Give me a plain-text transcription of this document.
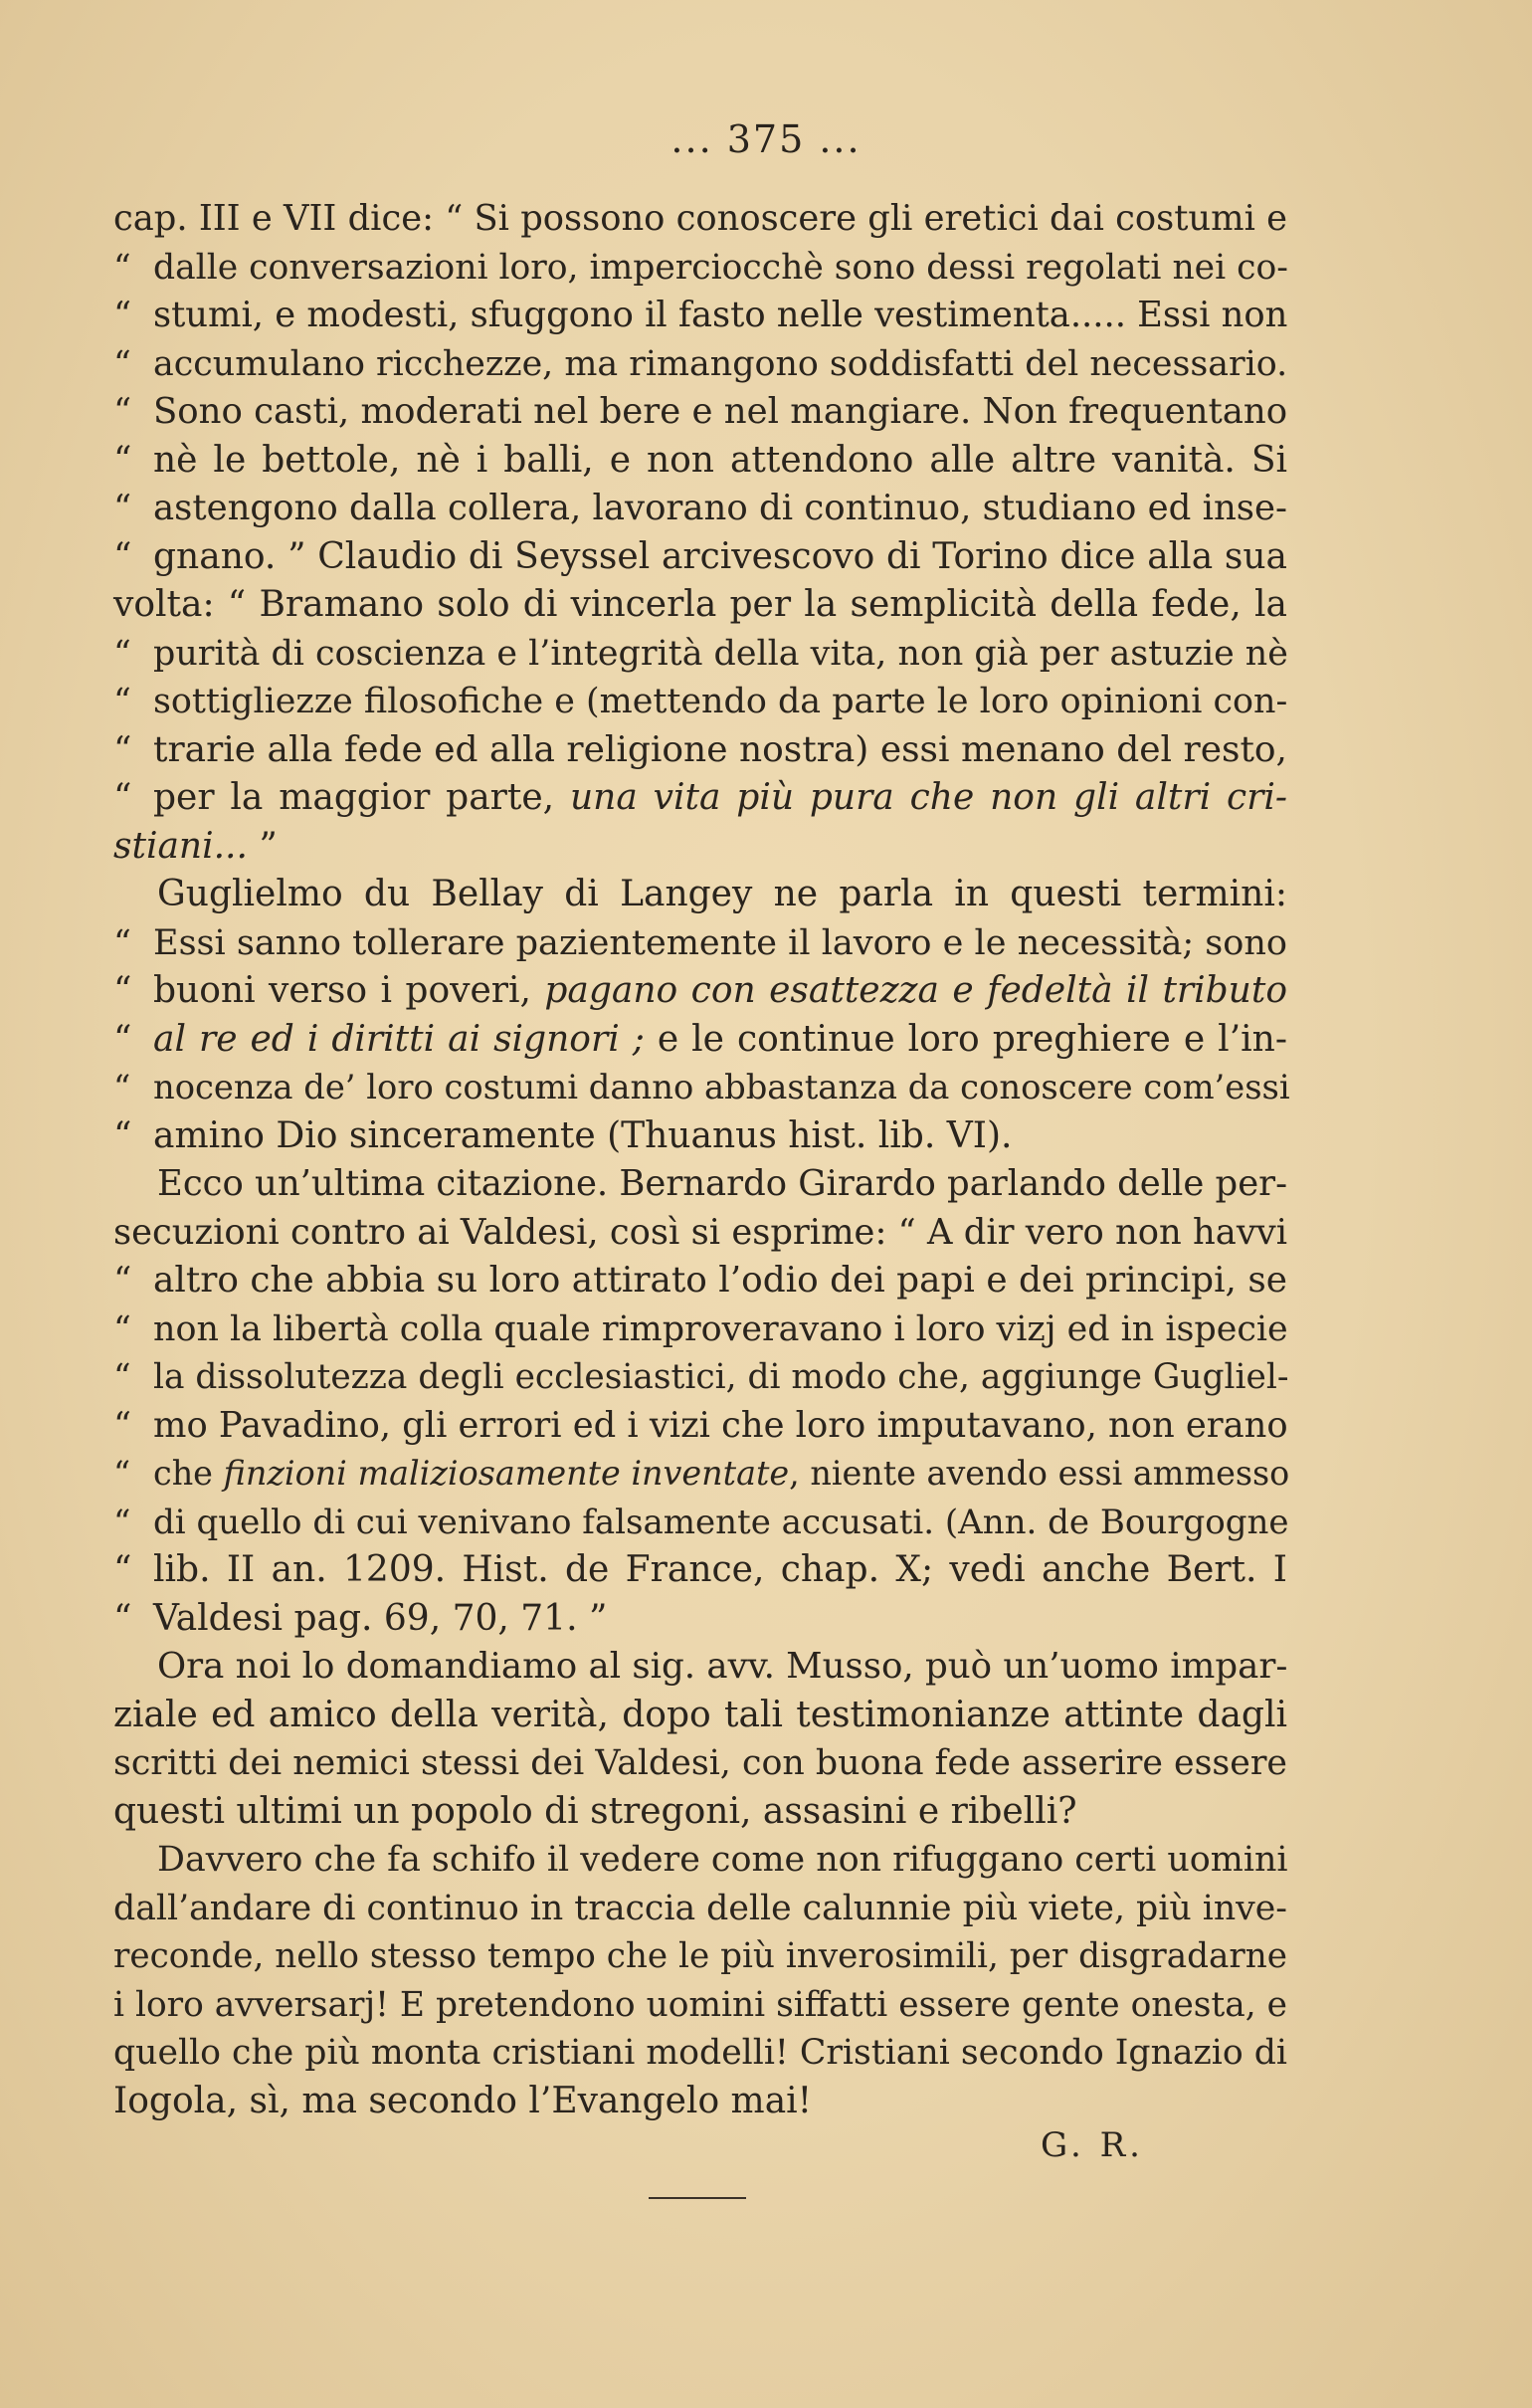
... 375 ...

cap. III e VII dice: “ Si possono conoscere gli eretici dai costumi e

“ dalle conversazioni loro, imperciocchè sono dessi regolati nei co-

“ stumi, e modesti, sfuggono il fasto nelle vestimenta..... Essi non

“ accumulano ricchezze, ma rimangono soddisfatti del necessario.

“ Sono casti, moderati nel bere e nel mangiare. Non frequentano

“ nè le bettole, nè i balli, e non attendono alle altre vanità. Si

“ astengono dalla collera, lavorano di continuo, studiano ed inse-

“ gnano. ” Claudio di Seyssel arcivescovo di Torino dice alla sua

volta: “ Bramano solo di vincerla per la semplicità della fede, la

“ purità di coscienza e l’integrità della vita, non già per astuzie nè

“ sottigliezze filosofiche e (mettendo da parte le loro opinioni con-

“ trarie alla fede ed alla religione nostra) essi menano del resto,

“ per la maggior parte, una vita più pura che non gli altri cri-

stiani... ”

Guglielmo du Bellay di Langey ne parla in questi termini:

“ Essi sanno tollerare pazientemente il lavoro e le necessità; sono

“ buoni verso i poveri, pagano con esattezza e fedeltà il tributo

“ al re ed i diritti ai signori ; e le continue loro preghiere e l’in-

“ nocenza de’ loro costumi danno abbastanza da conoscere com’essi

“ amino Dio sinceramente (Thuanus hist. lib. VI).

Ecco un’ultima citazione. Bernardo Girardo parlando delle per-

secuzioni contro ai Valdesi, così si esprime: “ A dir vero non havvi

“ altro che abbia su loro attirato l’odio dei papi e dei principi, se

“ non la libertà colla quale rimproveravano i loro vizj ed in ispecie

“ la dissolutezza degli ecclesiastici, di modo che, aggiunge Gugliel-

“ mo Pavadino, gli errori ed i vizi che loro imputavano, non erano

“ che finzioni maliziosamente inventate, niente avendo essi ammesso

“ di quello di cui venivano falsamente accusati. (Ann. de Bourgogne

“ lib. II an. 1209. Hist. de France, chap. X; vedi anche Bert. I

“ Valdesi pag. 69, 70, 71. ”

Ora noi lo domandiamo al sig. avv. Musso, può un’uomo impar-

ziale ed amico della verità, dopo tali testimonianze attinte dagli

scritti dei nemici stessi dei Valdesi, con buona fede asserire essere

questi ultimi un popolo di stregoni, assasini e ribelli?

Davvero che fa schifo il vedere come non rifuggano certi uomini

dall’andare di continuo in traccia delle calunnie più viete, più inve-

reconde, nello stesso tempo che le più inverosimili, per disgradarne

i loro avversarj! E pretendono uomini siffatti essere gente onesta, e

quello che più monta cristiani modelli! Cristiani secondo Ignazio di

Iogola, sì, ma secondo l’Evangelo mai!

G. R.
